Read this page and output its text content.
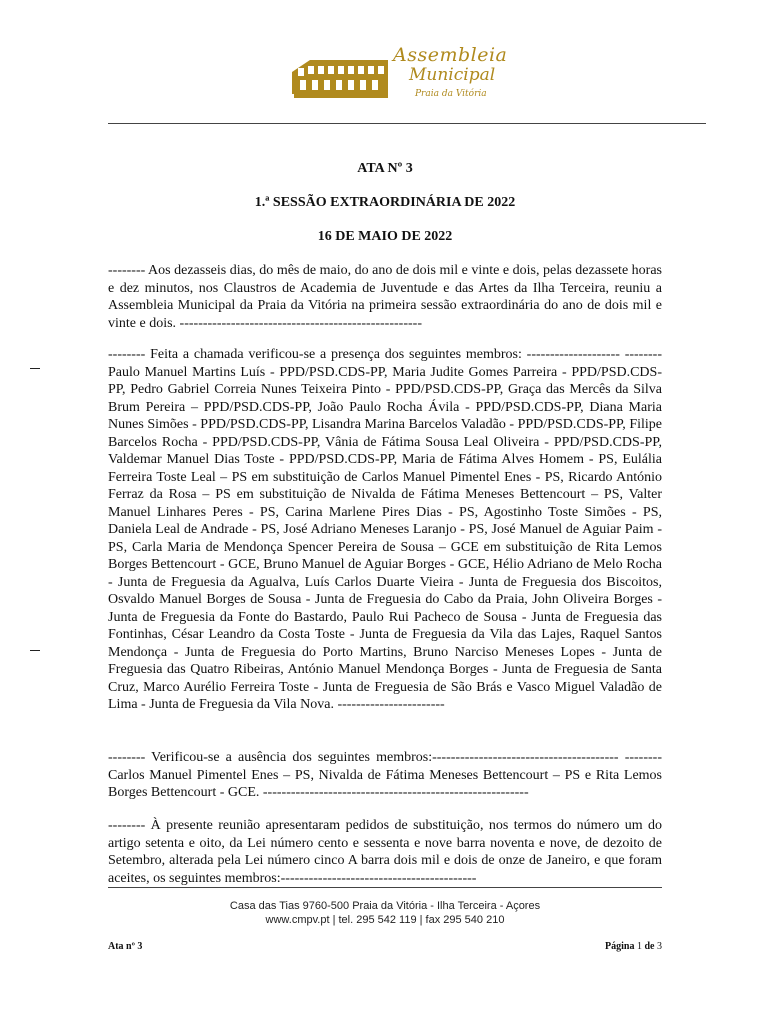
Assembleia
Municipal
Praia da Vitória
ATA Nº 3
1.ª SESSÃO EXTRAORDINÁRIA DE 2022
16 DE MAIO DE 2022

-------- Aos dezasseis dias, do mês de maio, do ano de dois mil e vinte e dois, pelas dezassete horas e dez minutos, nos Claustros de Academia de Juventude e das Artes da Ilha Terceira, reuniu a Assembleia Municipal da Praia da Vitória na primeira sessão extraordinária do ano de dois mil e vinte e dois. ----------------------------------------------------

-------- Feita a chamada verificou-se a presença dos seguintes membros: -------------------- -------- Paulo Manuel Martins Luís - PPD/PSD.CDS-PP, Maria Judite Gomes Parreira - PPD/PSD.CDS-PP, Pedro Gabriel Correia Nunes Teixeira Pinto - PPD/PSD.CDS-PP, Graça das Mercês da Silva Brum Pereira – PPD/PSD.CDS-PP, João Paulo Rocha Ávila - PPD/PSD.CDS-PP, Diana Maria Nunes Simões - PPD/PSD.CDS-PP, Lisandra Marina Barcelos Valadão - PPD/PSD.CDS-PP, Filipe Barcelos Rocha - PPD/PSD.CDS-PP, Vânia de Fátima Sousa Leal Oliveira - PPD/PSD.CDS-PP, Valdemar Manuel Dias Toste - PPD/PSD.CDS-PP, Maria de Fátima Alves Homem - PS, Eulália Ferreira Toste Leal – PS em substituição de Carlos Manuel Pimentel Enes - PS, Ricardo António Ferraz da Rosa – PS em substituição de Nivalda de Fátima Meneses Bettencourt – PS, Valter Manuel Linhares Peres - PS, Carina Marlene Pires Dias - PS, Agostinho Toste Simões - PS, Daniela Leal de Andrade - PS, José Adriano Meneses Laranjo - PS, José Manuel de Aguiar Paim - PS, Carla Maria de Mendonça Spencer Pereira de Sousa – GCE em substituição de Rita Lemos Borges Bettencourt - GCE, Bruno Manuel de Aguiar Borges - GCE, Hélio Adriano de Melo Rocha - Junta de Freguesia da Agualva, Luís Carlos Duarte Vieira - Junta de Freguesia dos Biscoitos, Osvaldo Manuel Borges de Sousa - Junta de Freguesia do Cabo da Praia, John Oliveira Borges - Junta de Freguesia da Fonte do Bastardo, Paulo Rui Pacheco de Sousa - Junta de Freguesia das Fontinhas, César Leandro da Costa Toste - Junta de Freguesia da Vila das Lajes, Raquel Santos Mendonça - Junta de Freguesia do Porto Martins, Bruno Narciso Meneses Lopes - Junta de Freguesia das Quatro Ribeiras, António Manuel Mendonça Borges - Junta de Freguesia de Santa Cruz, Marco Aurélio Ferreira Toste - Junta de Freguesia de São Brás e Vasco Miguel Valadão de Lima - Junta de Freguesia da Vila Nova. -----------------------

-------- Verificou-se a ausência dos seguintes membros:---------------------------------------- --------Carlos Manuel Pimentel Enes – PS, Nivalda de Fátima Meneses Bettencourt – PS e Rita Lemos Borges Bettencourt - GCE. ---------------------------------------------------------

-------- À presente reunião apresentaram pedidos de substituição, nos termos do número um do artigo setenta e oito, da Lei número cento e sessenta e nove barra noventa e nove, de dezoito de Setembro, alterada pela Lei número cinco A barra dois mil e dois de onze de Janeiro, e que foram aceites, os seguintes membros:------------------------------------------

Casa das Tias 9760-500 Praia da Vitória - Ilha Terceira - Açores
www.cmpv.pt | tel. 295 542 119 | fax 295 540 210
Ata nº 3	Página 1 de 3
